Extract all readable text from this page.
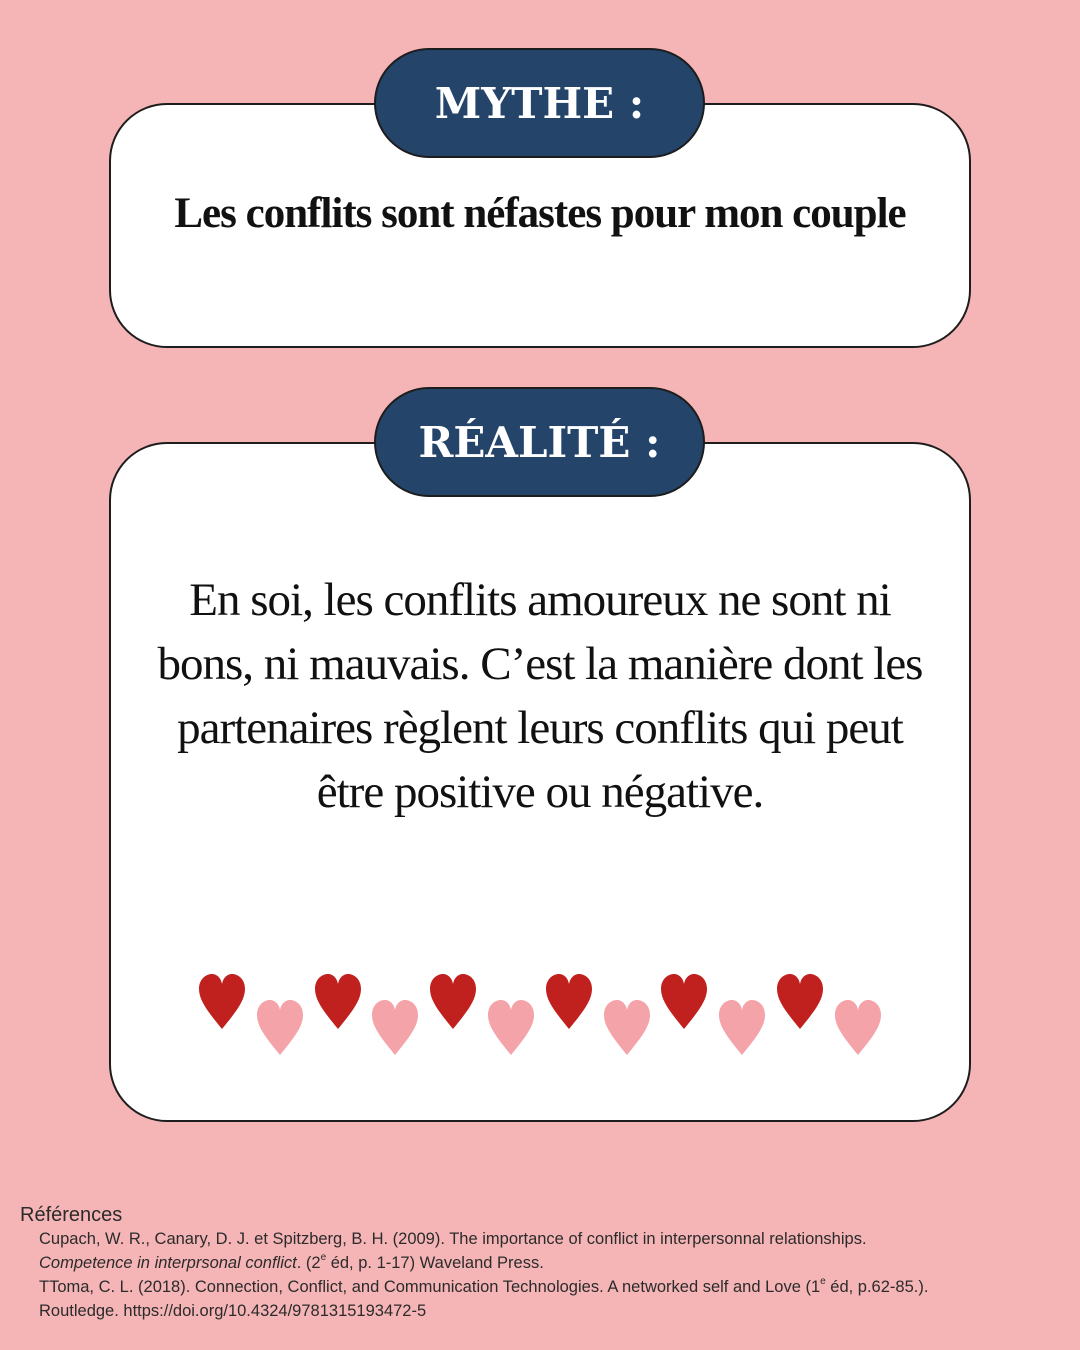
MYTHE :
Les conflits sont néfastes pour mon couple
RÉALITÉ :
En soi, les conflits amoureux ne sont ni bons, ni mauvais. C’est la manière dont les partenaires règlent leurs conflits qui peut être positive ou négative.
Références
Cupach, W. R., Canary, D. J. et Spitzberg, B. H. (2009). The importance of conflict in interpersonnal relationships.
Competence in interprsonal conflict. (2e éd, p. 1-17) Waveland Press.
TToma, C. L. (2018). Connection, Conflict, and Communication Technologies. A networked self and Love (1e éd, p.62-85.).
Routledge. https://doi.org/10.4324/9781315193472-5
